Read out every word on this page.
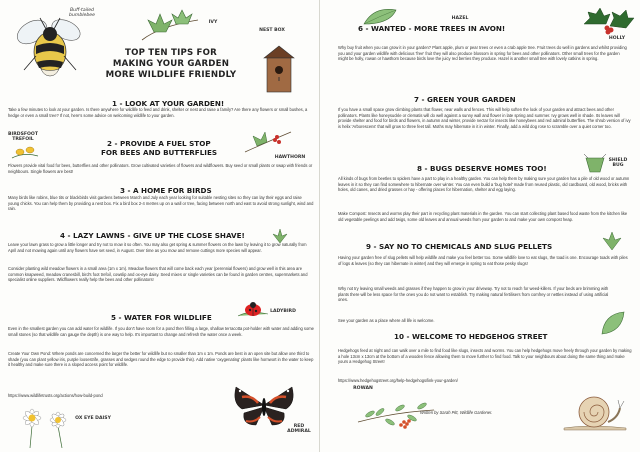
Buff-tailed bumblebee
IVY
NEST BOX
TOP TEN TIPS FOR
MAKING YOUR GARDEN
MORE WILDLIFE FRIENDLY
1 - LOOK AT YOUR GARDEN!
Take a few minutes to look at your garden. Is there anywhere for wildlife to feed and drink, shelter or nest and raise a family? Are there any flowers or small bushes, a hedge or even a small tree? If not, here's some advice on welcoming wildlife to your garden.
BIRDSFOOT TREFOIL	2 - PROVIDE A FUEL STOP
FOR BEES AND BUTTERFLIES
HAWTHORN
Flowers provide vital food for bees, butterflies and other pollinators. Grow cultivated varieties of flowers and wildflowers. Buy seed or small plants or swap with friends or neighbours. Single flowers are best!
3 - A HOME FOR BIRDS
Many birds like robins, blue tits or blackbirds visit gardens between March and July each year looking for suitable nesting sites so they can lay their eggs and raise young chicks. You can help them by providing a nest box. Fix a bird box 2-4 metres up on a wall or tree, facing between north and east to avoid strong sunlight, wind and rain.
4 - LAZY LAWNS - GIVE UP THE CLOSE SHAVE!
Leave your lawn grass to grow a little longer and try not to mow it so often. You may also get spring & summer flowers on the lawn by leaving it to grow naturally from April and not mowing again until any flowers have set seed, in August. Over time as you mow and remove cuttings more species will appear.
Consider planting wild meadow flowers in a small area (1m x 1m). Meadow flowers that will come back each year (perennial flowers) and grow well in this area are common knapweed, meadow cranesbill, bird's foot trefoil, cowslip and ox-eye daisy. Seed mixes or single varieties can be found in garden centres, supermarkets and specialist online suppliers. Wildflowers really help the bees and other pollinators!
5 - WATER FOR WILDLIFE
LADYBIRD
Even in the smallest garden you can add water for wildlife. If you don't have room for a pond then filling a large, shallow terracotta pot-holder with water and adding some small stones (so that wildlife can gauge the depth) is one way to help. It's important to change and refresh the water once a week.
Create Your Own Pond: Where ponds are concerned the larger the better for wildlife but no smaller than 1m x 1m. Ponds are best in an open site but allow one third to shade (you can plant yellow iris, purple loosestrife, grasses and sedges round the edge to provide this). Add native 'oxygenating' plants like hornwort in the water to keep it healthy and make sure there is a sloped access point for wildlife.
https://www.wildlifetrusts.org/actions/how-build-pond
OX EYE DAISY
RED ADMIRAL
HAZEL
HOLLY
6 - WANTED - MORE TREES IN AVON!
Why buy fruit when you can grow it in your garden? Plant apple, plum or pear trees or even a crab apple tree. Fruit trees do well in gardens and whilst providing you and your garden wildlife with delicious 'free' fruit they will also produce blossom in spring for bees and other pollinators. Other small trees for the garden might be holly, rowan or hawthorn because birds love the juicy red berries they produce. Hazel is another small tree with lovely catkins in spring.
7 - GREEN YOUR GARDEN
If you have a small space grow climbing plants that flower, near walls and fences. This will help soften the look of your garden and attract bees and other pollinators. Plants like honeysuckle or clematis will do well against a sunny wall and flower in late spring and summer. Ivy grows well in shade. Its leaves will provide shelter and food for birds and flowers, in autumn and winter, provide nectar for insects like honeybees and red admiral butterflies. The shrub version of ivy is helix 'Arborescens' that will grow to three feet tall. Moths may hibernate in it in winter. Finally, add a wild dog rose to scramble over a quiet corner too.
8 - BUGS DESERVE HOMES TOO!
SHIELD BUG
All kinds of bugs from beetles to spiders have a part to play in a healthy garden. You can help them by making sure your garden has a pile of old wood or autumn leaves in it so they can find somewhere to hibernate over winter. You can even build a 'bug hotel' made from reused plastic, old cardboard, old wood, bricks with holes, old canes, and dried grasses or hay - offering places for hibernation, shelter and egg laying.
Make Compost: Insects and worms play their part in recycling plant materials in the garden. You can start collecting plant based food waste from the kitchen like old vegetable peelings and add twigs, some old leaves and annual weeds from your garden to and make your own compost heap.
9 - SAY NO TO CHEMICALS AND SLUG PELLETS
Having your garden free of slug pellets will help wildlife and make you feel better too. Some wildlife love to eat slugs, the toad is one. Encourage toads with piles of logs & leaves (so they can hibernate in winter) and they will emerge in spring to eat those pesky slugs!
Why not try leaving small weeds and grasses if they happen to grow in your driveway. Try not to reach for weed-killers. If your beds are brimming with plants there will be less space for the ones you do not want to establish. Try making natural fertilisers from comfrey or nettles instead of using artificial ones.
See your garden as a place where all life is welcome.
10 - WELCOME TO HEDGEHOG STREET
Hedgehogs feed at night and can walk over a mile to find food like slugs, insects and worms. You can help hedgehogs move freely through your garden by making a hole 13cm x 13cm at the bottom of a wooden fence allowing them to move further to find food. Talk to your neighbours about doing the same thing and make yours a Hedgehog Street!
https://www.hedgehogstreet.org/help-hedgehogs/link-your-garden/
ROWAN
Written by Sarah Pitt, Wildlife Gardener.
